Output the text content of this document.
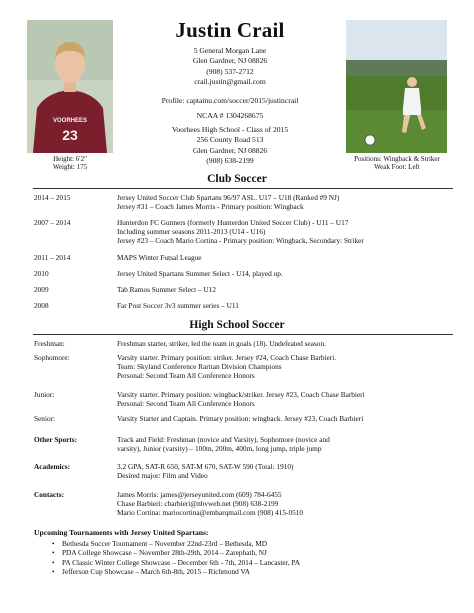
VOORHEES
23
Height: 6'2"
Weight: 175
Positions: Wingback & Striker
Weak Foot: Left
Justin Crail
5 General Morgan Lane
Glen Gardner, NJ 08826
(908) 537-2712
crail.justin@gmail.com
Profile: captainu.com/soccer/2015/justincrail
NCAA # 1304268675
Voorhees High School - Class of 2015
256 County Road 513
Glen Gardner, NJ 08826
(908) 638-2199
Club Soccer
2014 – 2015	Jersey United Soccer Club Spartans 96/97 ASL. U17 – U18 (Ranked #9 NJ)
Jersey #31 – Coach James Morris - Primary position: Wingback
2007 – 2014	Hunterdon FC Gunners (formerly Hunterdon United Soccer Club) - U11 – U17
Including summer seasons 2011-2013 (U14 - U16)
Jersey #23 – Coach Mario Cortina - Primary position: Wingback, Secondary: Striker
2011 – 2014	MAPS Winter Futsal League
2010	Jersey United Spartans Summer Select - U14, played up.
2009	Tab Ramos Summer Select – U12
2008	Far Post Soccer 3v3 summer series – U11
High School Soccer
Freshman:	Freshman starter, striker, led the team in goals (18). Undefeated season.
Sophomore:	Varsity starter. Primary position: striker. Jersey #24, Coach Chase Barbieri.
Team: Skyland Conference Raritan Division Champions
Personal: Second Team All Conference Honors
Junior:	Varsity starter. Primary position: wingback/striker. Jersey #23, Coach Chase Barbieri
Personal: Second Team All Conference Honors
Senior:	Varsity Starter and Captain. Primary position: wingback. Jersey #23, Coach Barbieri
Other Sports:	Track and Field: Freshman (novice and Varsity), Sophomore (novice and
varsity), Junior (varsity) – 100m, 200m, 400m, long jump, triple jump
Academics:	3.2 GPA, SAT-R 650, SAT-M 670, SAT-W 590 (Total: 1910)
Desired major: Film and Video
Contacts:	James Morris: james@jerseyunited.com (609) 784-6455
Chase Barbieri: cbarbieri@nhvweb.net (908) 638-2199
Mario Cortina: mariocortina@embarqmail.com (908) 415-0510
Upcoming Tournaments with Jersey United Spartans:
• Bethesda Soccer Tournament – November 22nd-23rd – Bethesda, MD
• PDA College Showcase – November 28th-29th, 2014 – Zarephath, NJ
• PA Classic Winter College Showcase – December 6th - 7th, 2014 – Lancaster, PA
• Jefferson Cup Showcase – March 6th-8th, 2015 – Richmond VA
